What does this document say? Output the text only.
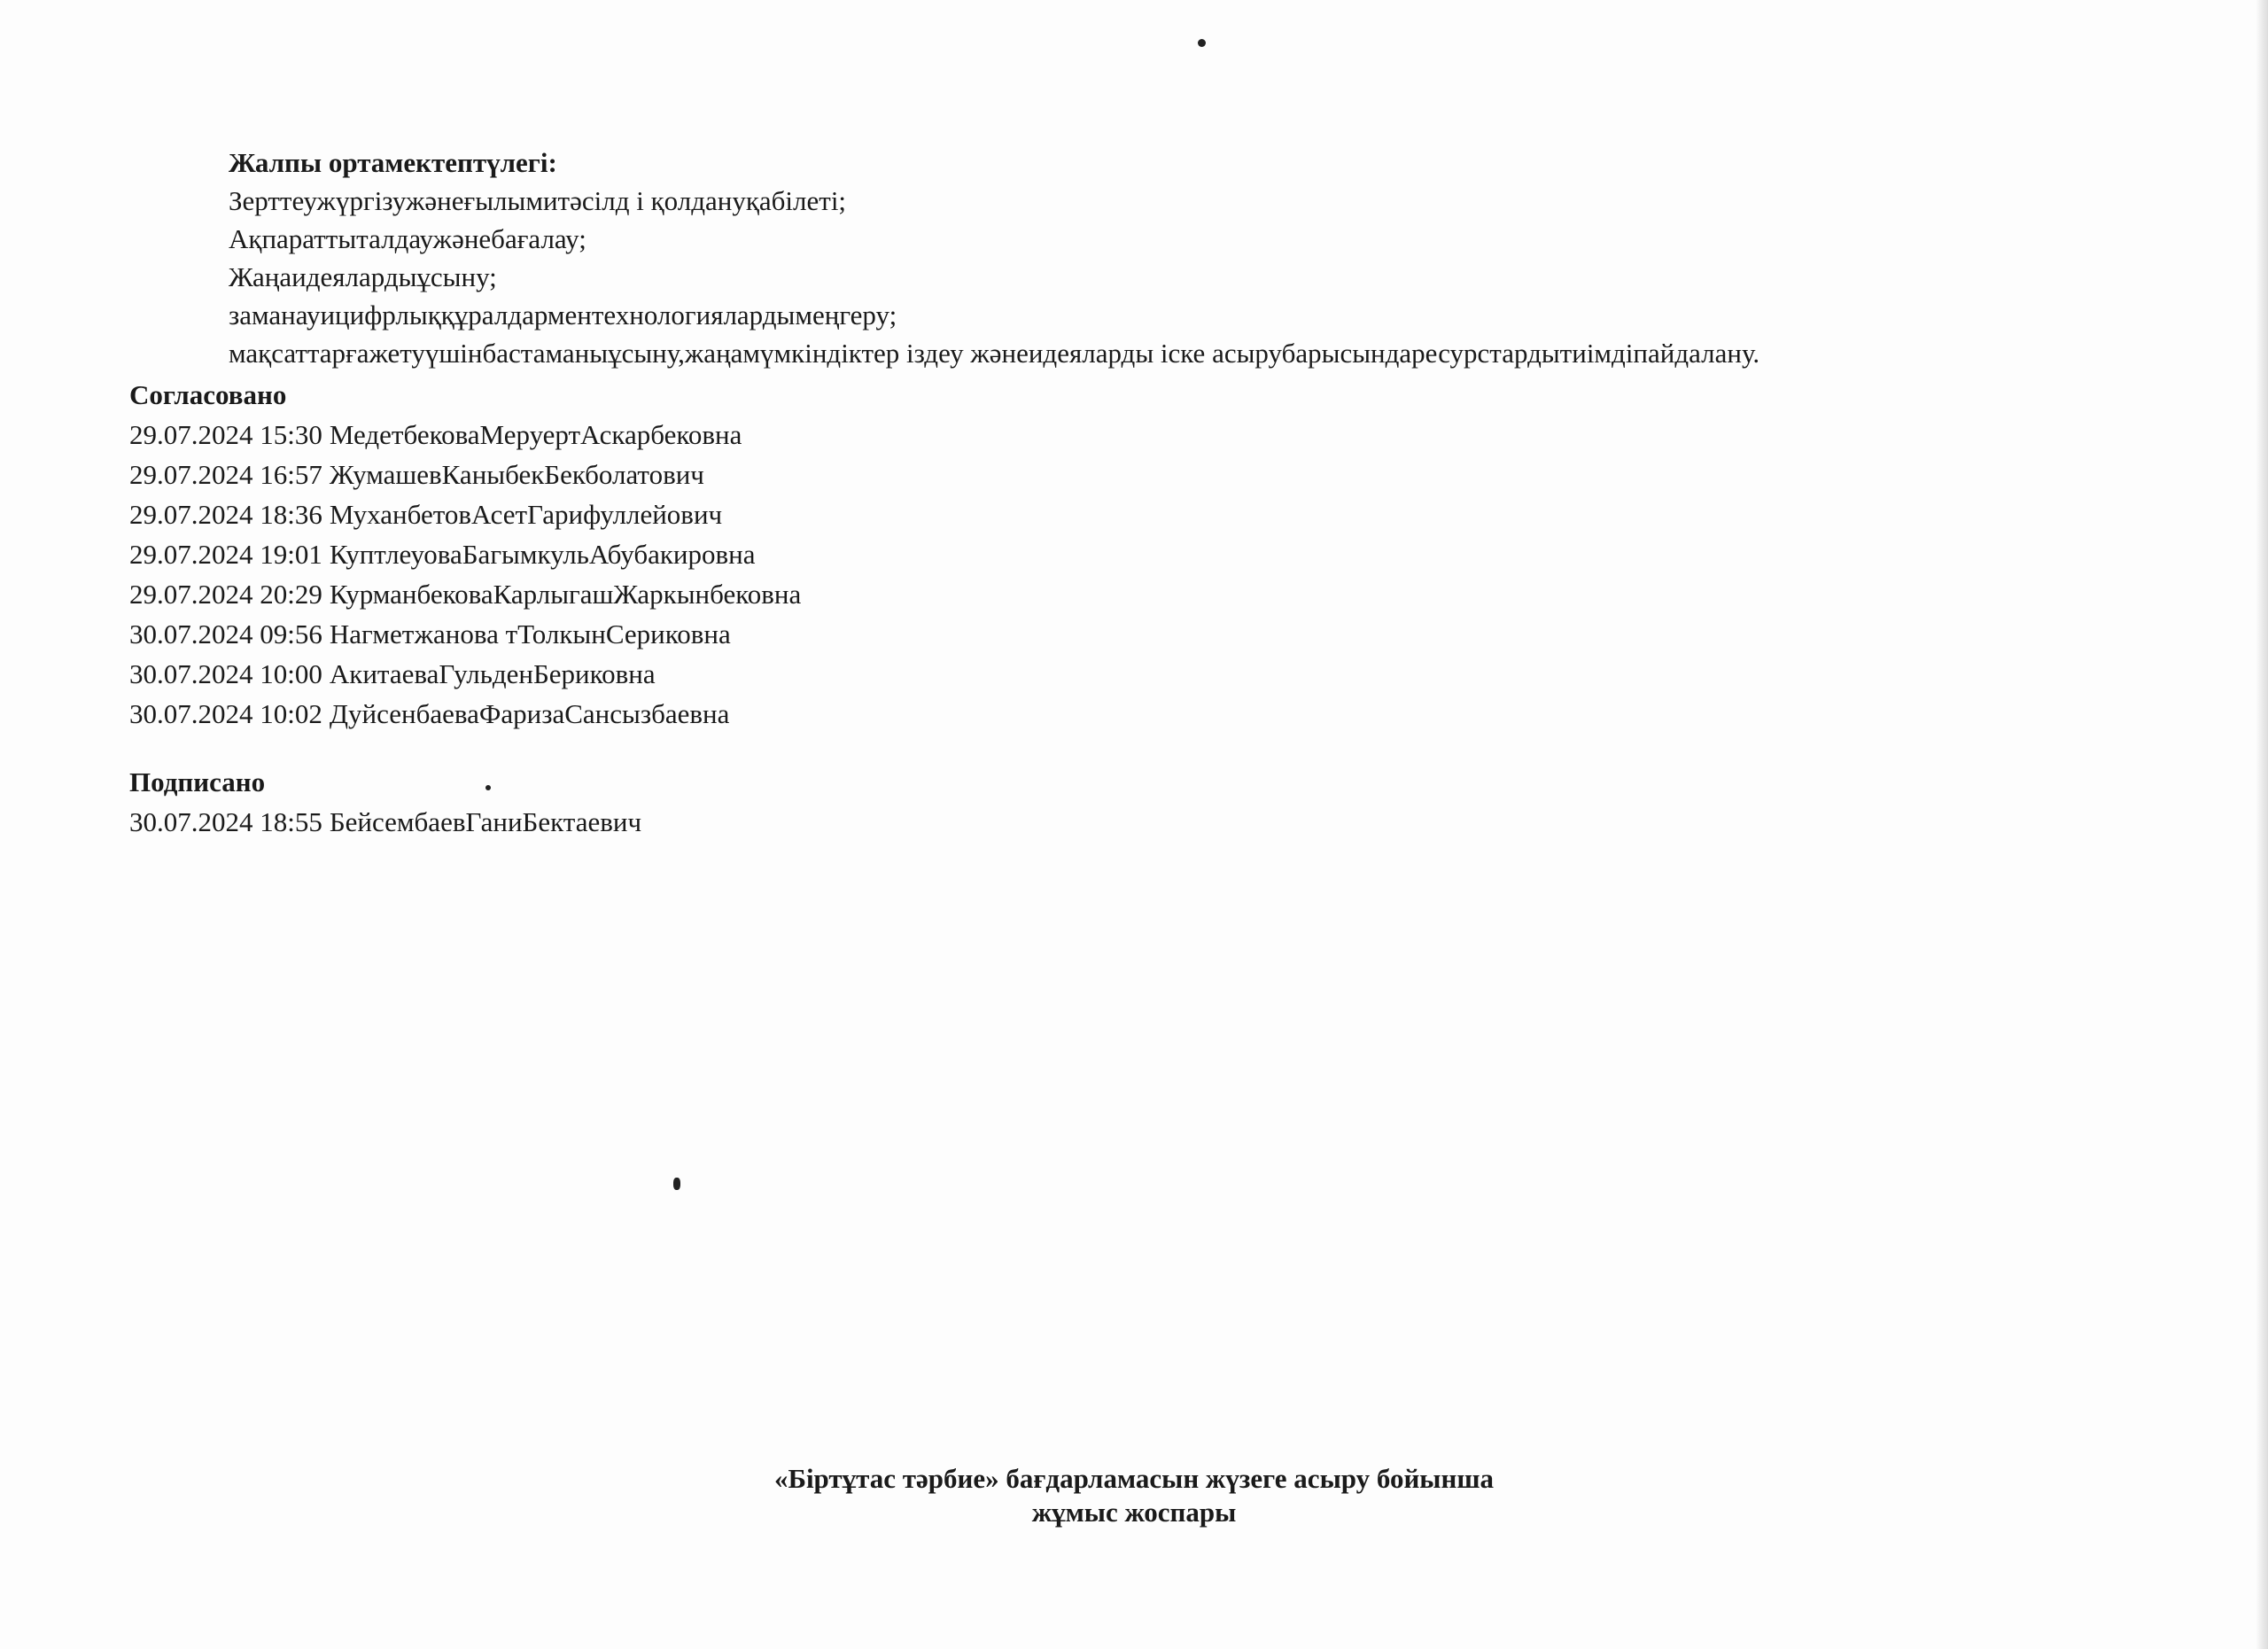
Жалпы ортамектептүлегі:
Зерттеужүргізужәнеғылымитәсілд і қолдануқабілеті;
Ақпараттыталдаужәнебағалау;
Жаңаидеялардыұсыну;
заманауицифрлыққұралдарментехнологиялардымеңгеру;
мақсаттарғажетуүшінбастаманыұсыну,жаңамүмкіндіктер іздеу жәнеидеяларды іске асырубарысындаресурстардытиімдіпайдалану.
Согласовано
29.07.2024 15:30 МедетбековаМеруертАскарбековна
29.07.2024 16:57 ЖумашевКаныбекБекболатович
29.07.2024 18:36 МуханбетовАсетГарифуллейович
29.07.2024 19:01 КуптлеуоваБагымкульАбубакировна
29.07.2024 20:29 КурманбековаКарлыгашЖаркынбековна
30.07.2024 09:56 Нагметжанова тТолкынСериковна
30.07.2024 10:00 АкитаеваГульденБериковна
30.07.2024 10:02 ДуйсенбаеваФаризаСансызбаевна
Подписано
30.07.2024 18:55 БейсембаевГаниБектаевич
«Біртұтас тәрбие» бағдарламасын жүзеге асыру бойынша
жұмыс жоспары
